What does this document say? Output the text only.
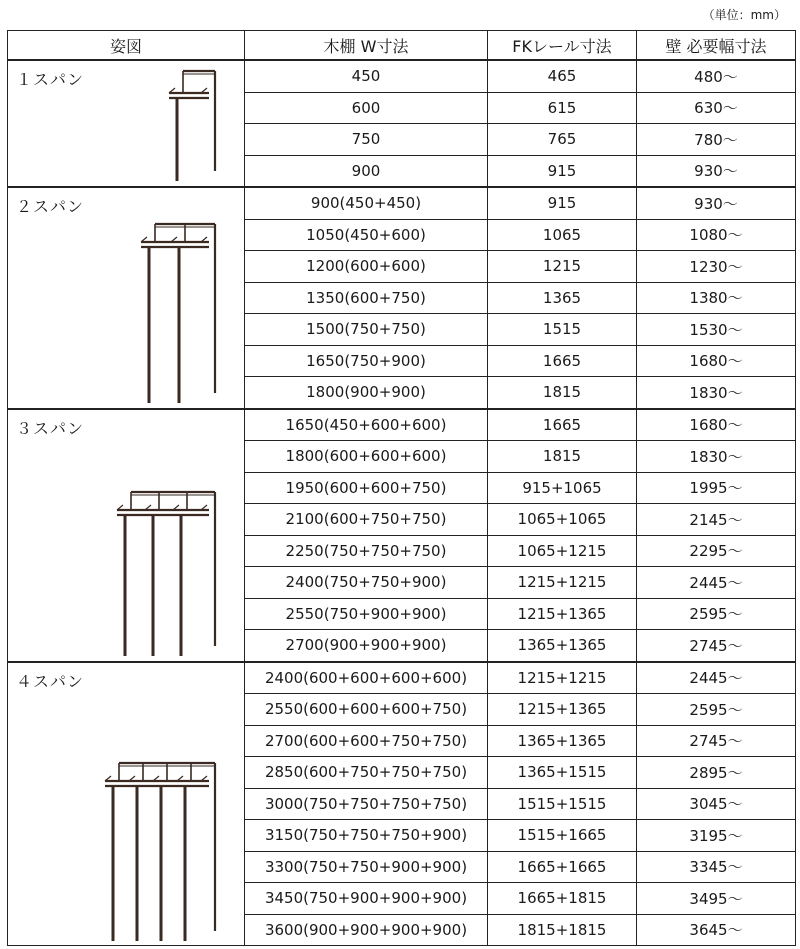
（単位：mm）
姿図	木棚 W寸法	FKレール寸法	壁 必要幅寸法

１スパン	450	465	480～
	600	615	630～
	750	765	780～
	900	915	930～

２スパン	900(450+450)	915	930～
	1050(450+600)	1065	1080～
	1200(600+600)	1215	1230～
	1350(600+750)	1365	1380～
	1500(750+750)	1515	1530～
	1650(750+900)	1665	1680～
	1800(900+900)	1815	1830～

３スパン	1650(450+600+600)	1665	1680～
	1800(600+600+600)	1815	1830～
	1950(600+600+750)	915+1065	1995～
	2100(600+750+750)	1065+1065	2145～
	2250(750+750+750)	1065+1215	2295～
	2400(750+750+900)	1215+1215	2445～
	2550(750+900+900)	1215+1365	2595～
	2700(900+900+900)	1365+1365	2745～

４スパン	2400(600+600+600+600)	1215+1215	2445～
	2550(600+600+600+750)	1215+1365	2595～
	2700(600+600+750+750)	1365+1365	2745～
	2850(600+750+750+750)	1365+1515	2895～
	3000(750+750+750+750)	1515+1515	3045～
	3150(750+750+750+900)	1515+1665	3195～
	3300(750+750+900+900)	1665+1665	3345～
	3450(750+900+900+900)	1665+1815	3495～
	3600(900+900+900+900)	1815+1815	3645～
